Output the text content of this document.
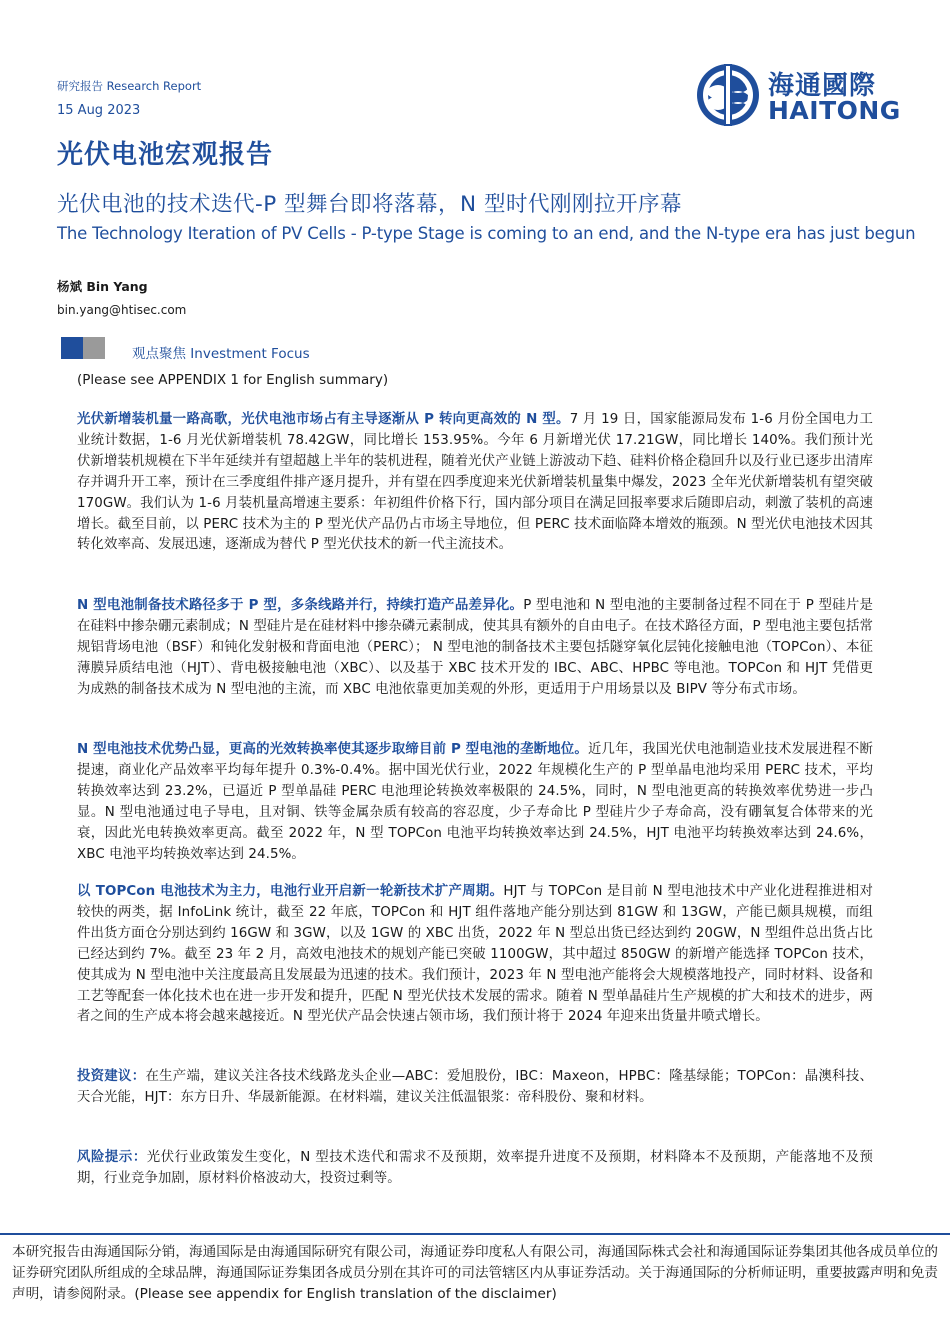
研究报告 Research Report
15 Aug 2023
光伏电池宏观报告
海通國際
HAITONG
光伏电池的技术迭代-P 型舞台即将落幕，N 型时代刚刚拉开序幕
The Technology Iteration of PV Cells - P-type Stage is coming to an end, and the N-type era has just begun
杨斌 Bin Yang
bin.yang@htisec.com
观点聚焦 Investment Focus
(Please see APPENDIX 1 for English summary)
光伏新增装机量一路高歌，光伏电池市场占有主导逐渐从 P 转向更高效的 N 型。7 月 19 日，国家能源局发布 1-6 月份全国电力工业统计数据，1-6 月光伏新增装机 78.42GW，同比增长 153.95%。今年 6 月新增光伏 17.21GW，同比增长 140%。我们预计光伏新增装机规模在下半年延续并有望超越上半年的装机进程，随着光伏产业链上游波动下趋、硅料价格企稳回升以及行业已逐步出清库存并调升开工率，预计在三季度组件排产逐月提升，并有望在四季度迎来光伏新增装机量集中爆发，2023 全年光伏新增装机有望突破 170GW。我们认为 1-6 月装机量高增速主要系：年初组件价格下行，国内部分项目在满足回报率要求后随即启动，刺激了装机的高速增长。截至目前，以 PERC 技术为主的 P 型光伏产品仍占市场主导地位，但 PERC 技术面临降本增效的瓶颈。N 型光伏电池技术因其转化效率高、发展迅速，逐渐成为替代 P 型光伏技术的新一代主流技术。
N 型电池制备技术路径多于 P 型，多条线路并行，持续打造产品差异化。P 型电池和 N 型电池的主要制备过程不同在于 P 型硅片是在硅料中掺杂硼元素制成；N 型硅片是在硅材料中掺杂磷元素制成，使其具有额外的自由电子。在技术路径方面，P 型电池主要包括常规铝背场电池（BSF）和钝化发射极和背面电池（PERC）； N 型电池的制备技术主要包括隧穿氧化层钝化接触电池（TOPCon）、本征薄膜异质结电池（HJT）、背电极接触电池（XBC）、以及基于 XBC 技术开发的 IBC、ABC、HPBC 等电池。TOPCon 和 HJT 凭借更为成熟的制备技术成为 N 型电池的主流，而 XBC 电池依靠更加美观的外形，更适用于户用场景以及 BIPV 等分布式市场。
N 型电池技术优势凸显，更高的光效转换率使其逐步取缔目前 P 型电池的垄断地位。近几年，我国光伏电池制造业技术发展进程不断提速，商业化产品效率平均每年提升 0.3%-0.4%。据中国光伏行业，2022 年规模化生产的 P 型单晶电池均采用 PERC 技术，平均转换效率达到 23.2%，已逼近 P 型单晶硅 PERC 电池理论转换效率极限的 24.5%，同时，N 型电池更高的转换效率优势进一步凸显。N 型电池通过电子导电，且对铜、铁等金属杂质有较高的容忍度，少子寿命比 P 型硅片少子寿命高，没有硼氧复合体带来的光衰，因此光电转换效率更高。截至 2022 年，N 型 TOPCon 电池平均转换效率达到 24.5%，HJT 电池平均转换效率达到 24.6%，XBC 电池平均转换效率达到 24.5%。
以 TOPCon 电池技术为主力，电池行业开启新一轮新技术扩产周期。HJT 与 TOPCon 是目前 N 型电池技术中产业化进程推进相对较快的两类，据 InfoLink 统计，截至 22 年底，TOPCon 和 HJT 组件落地产能分别达到 81GW 和 13GW，产能已颇具规模，而组件出货方面仓分别达到约 16GW 和 3GW，以及 1GW 的 XBC 出货，2022 年 N 型总出货已经达到约 20GW，N 型组件总出货占比已经达到约 7%。截至 23 年 2 月，高效电池技术的规划产能已突破 1100GW，其中超过 850GW 的新增产能选择 TOPCon 技术，使其成为 N 型电池中关注度最高且发展最为迅速的技术。我们预计，2023 年 N 型电池产能将会大规模落地投产，同时材料、设备和工艺等配套一体化技术也在进一步开发和提升，匹配 N 型光伏技术发展的需求。随着 N 型单晶硅片生产规模的扩大和技术的进步，两者之间的生产成本将会越来越接近。N 型光伏产品会快速占领市场，我们预计将于 2024 年迎来出货量井喷式增长。
投资建议：在生产端，建议关注各技术线路龙头企业—ABC：爱旭股份，IBC：Maxeon，HPBC：隆基绿能；TOPCon：晶澳科技、天合光能，HJT：东方日升、华晟新能源。在材料端，建议关注低温银浆：帝科股份、聚和材料。
风险提示：光伏行业政策发生变化，N 型技术迭代和需求不及预期，效率提升进度不及预期，材料降本不及预期，产能落地不及预期，行业竞争加剧，原材料价格波动大，投资过剩等。
本研究报告由海通国际分销，海通国际是由海通国际研究有限公司，海通证券印度私人有限公司，海通国际株式会社和海通国际证券集团其他各成员单位的证券研究团队所组成的全球品牌，海通国际证券集团各成员分别在其许可的司法管辖区内从事证券活动。关于海通国际的分析师证明，重要披露声明和免责声明，请参阅附录。(Please see appendix for English translation of the disclaimer)
